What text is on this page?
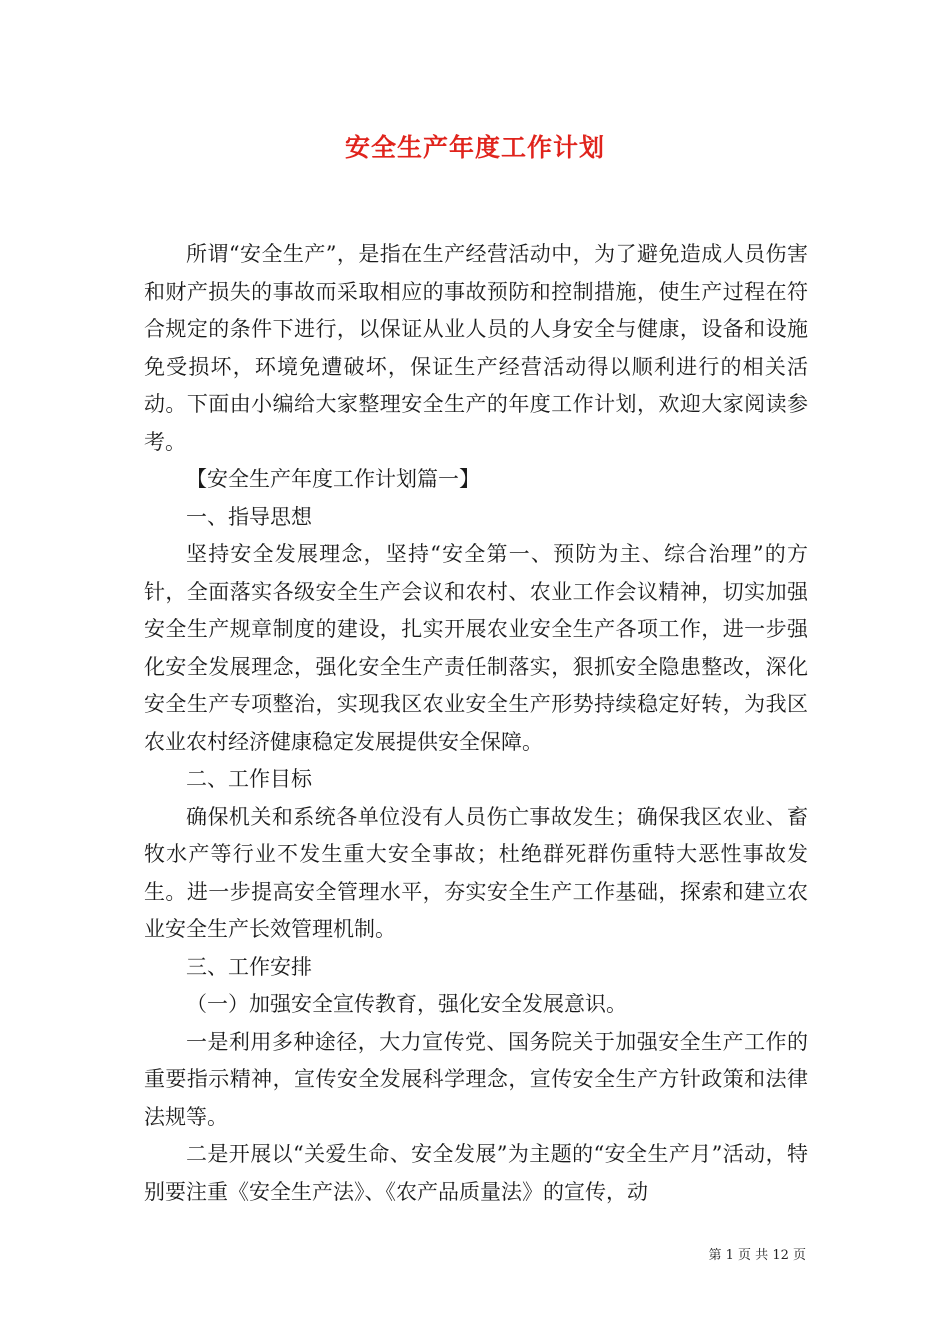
安全生产年度工作计划

所谓“安全生产”，是指在生产经营活动中，为了避免造成人员伤害和财产损失的事故而采取相应的事故预防和控制措施，使生产过程在符合规定的条件下进行，以保证从业人员的人身安全与健康，设备和设施免受损坏，环境免遭破坏，保证生产经营活动得以顺利进行的相关活动。下面由小编给大家整理安全生产的年度工作计划，欢迎大家阅读参考。

【安全生产年度工作计划篇一】

一、指导思想

坚持安全发展理念，坚持“安全第一、预防为主、综合治理”的方针，全面落实各级安全生产会议和农村、农业工作会议精神，切实加强安全生产规章制度的建设，扎实开展农业安全生产各项工作，进一步强化安全发展理念，强化安全生产责任制落实，狠抓安全隐患整改，深化安全生产专项整治，实现我区农业安全生产形势持续稳定好转，为我区农业农村经济健康稳定发展提供安全保障。

二、工作目标

确保机关和系统各单位没有人员伤亡事故发生；确保我区农业、畜牧水产等行业不发生重大安全事故；杜绝群死群伤重特大恶性事故发生。进一步提高安全管理水平，夯实安全生产工作基础，探索和建立农业安全生产长效管理机制。

三、工作安排

（一）加强安全宣传教育，强化安全发展意识。

一是利用多种途径，大力宣传党、国务院关于加强安全生产工作的重要指示精神，宣传安全发展科学理念，宣传安全生产方针政策和法律法规等。

二是开展以“关爱生命、安全发展”为主题的“安全生产月”活动，特别要注重《安全生产法》、《农产品质量法》的宣传，动

第 1 页 共 12 页
